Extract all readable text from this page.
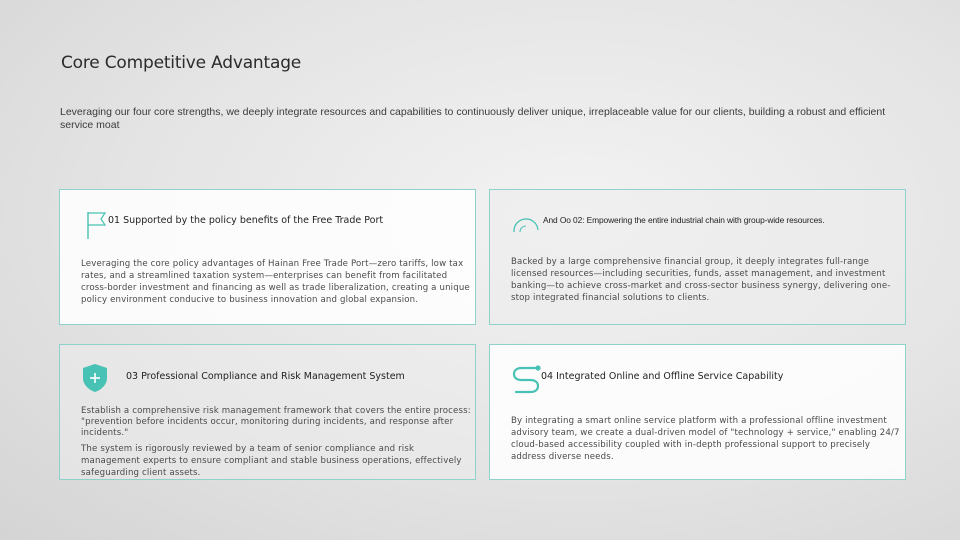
Core Competitive Advantage
Leveraging our four core strengths, we deeply integrate resources and capabilities to continuously deliver unique, irreplaceable value for our clients, building a robust and efficient service moat
01 Supported by the policy benefits of the Free Trade Port

Leveraging the core policy advantages of Hainan Free Trade Port—zero tariffs, low tax rates, and a streamlined taxation system—enterprises can benefit from facilitated cross-border investment and financing as well as trade liberalization, creating a unique policy environment conducive to business innovation and global expansion.

And Oo 02: Empowering the entire industrial chain with group-wide resources.

Backed by a large comprehensive financial group, it deeply integrates full-range licensed resources—including securities, funds, asset management, and investment banking—to achieve cross-market and cross-sector business synergy, delivering one-stop integrated financial solutions to clients.

03 Professional Compliance and Risk Management System

Establish a comprehensive risk management framework that covers the entire process: "prevention before incidents occur, monitoring during incidents, and response after incidents."

The system is rigorously reviewed by a team of senior compliance and risk management experts to ensure compliant and stable business operations, effectively safeguarding client assets.

04 Integrated Online and Offline Service Capability

By integrating a smart online service platform with a professional offline investment advisory team, we create a dual-driven model of "technology + service," enabling 24/7 cloud-based accessibility coupled with in-depth professional support to precisely address diverse needs.
